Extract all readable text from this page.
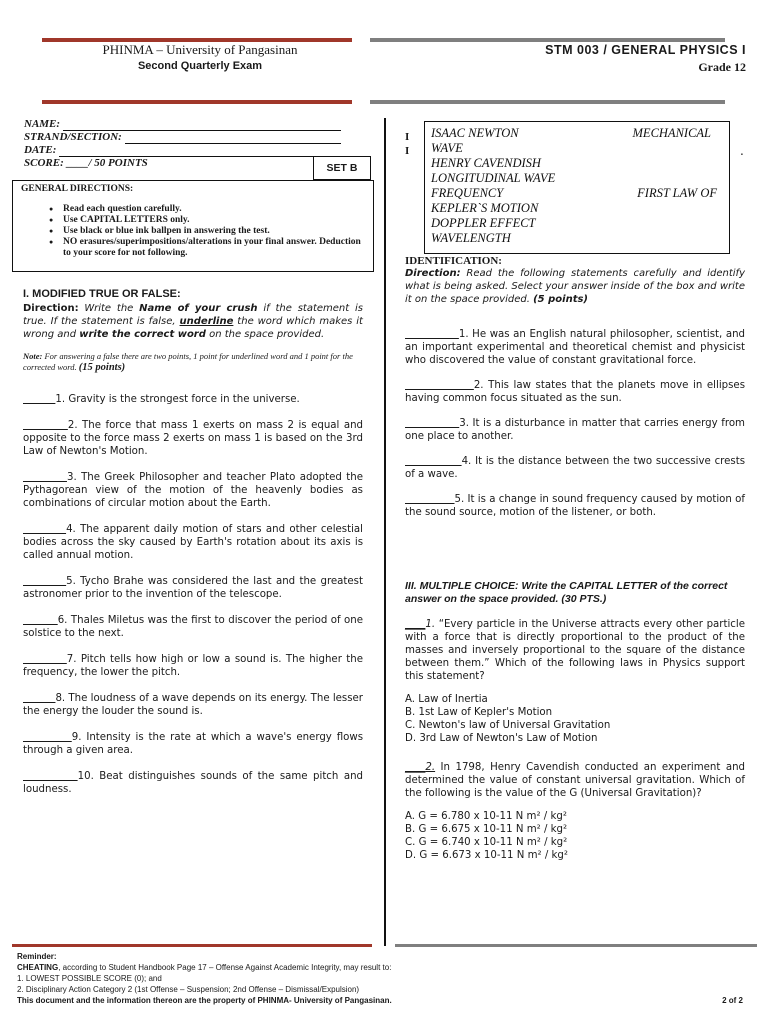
PHINMA – University of Pangasinan
Second Quarterly Exam
STM 003 / GENERAL PHYSICS I
Grade 12
NAME:
STRAND/SECTION:
DATE:
SCORE: ____/ 50 POINTS	SET B
GENERAL DIRECTIONS:
● Read each question carefully.
● Use CAPITAL LETTERS only.
● Use black or blue ink ballpen in answering the test.
● NO erasures/superimpositions/alterations in your final answer. Deduction to your score for not following.
I. MODIFIED TRUE OR FALSE:
Direction: Write the Name of your crush if the statement is true. If the statement is false, underline the word which makes it wrong and write the correct word on the space provided.
Note: For answering a false there are two points, 1 point for underlined word and 1 point for the corrected word. (15 points)
1. Gravity is the strongest force in the universe.
2. The force that mass 1 exerts on mass 2 is equal and opposite to the force mass 2 exerts on mass 1 is based on the 3rd Law of Newton's Motion.
3. The Greek Philosopher and teacher Plato adopted the Pythagorean view of the motion of the heavenly bodies as combinations of circular motion about the Earth.
4. The apparent daily motion of stars and other celestial bodies across the sky caused by Earth's rotation about its axis is called annual motion.
5. Tycho Brahe was considered the last and the greatest astronomer prior to the invention of the telescope.
6. Thales Miletus was the first to discover the period of one solstice to the next.
7. Pitch tells how high or low a sound is. The higher the frequency, the lower the pitch.
8. The loudness of a wave depends on its energy. The lesser the energy the louder the sound is.
9. Intensity is the rate at which a wave's energy flows through a given area.
10. Beat distinguishes sounds of the same pitch and loudness.
I
I
ISAAC NEWTON	MECHANICAL
WAVE
HENRY CAVENDISH
LONGITUDINAL WAVE
FREQUENCY	FIRST LAW OF
KEPLER`S MOTION
DOPPLER EFFECT
WAVELENGTH
.
IDENTIFICATION:
Direction: Read the following statements carefully and identify what is being asked. Select your answer inside of the box and write it on the space provided. (5 points)
1. He was an English natural philosopher, scientist, and an important experimental and theoretical chemist and physicist who discovered the value of constant gravitational force.
2. This law states that the planets move in ellipses having common focus situated as the sun.
3. It is a disturbance in matter that carries energy from one place to another.
4. It is the distance between the two successive crests of a wave.
5. It is a change in sound frequency caused by motion of the sound source, motion of the listener, or both.
III. MULTIPLE CHOICE: Write the CAPITAL LETTER of the correct answer on the space provided. (30 PTS.)
____1. “Every particle in the Universe attracts every other particle with a force that is directly proportional to the product of the masses and inversely proportional to the square of the distance between them.” Which of the following laws in Physics support this statement?
A. Law of Inertia
B. 1st Law of Kepler's Motion
C. Newton's law of Universal Gravitation
D. 3rd Law of Newton's Law of Motion
____2. In 1798, Henry Cavendish conducted an experiment and determined the value of constant universal gravitation. Which of the following is the value of the G (Universal Gravitation)?
A. G = 6.780 x 10-11 N m² / kg²
B. G = 6.675 x 10-11 N m² / kg²
C. G = 6.740 x 10-11 N m² / kg²
D. G = 6.673 x 10-11 N m² / kg²
Reminder:
CHEATING, according to Student Handbook Page 17 – Offense Against Academic Integrity, may result to:
1. LOWEST POSSIBLE SCORE (0); and
2. Disciplinary Action Category 2 (1st Offense – Suspension; 2nd Offense – Dismissal/Expulsion)
This document and the information thereon are the property of PHINMA- University of Pangasinan.	2 of 2
